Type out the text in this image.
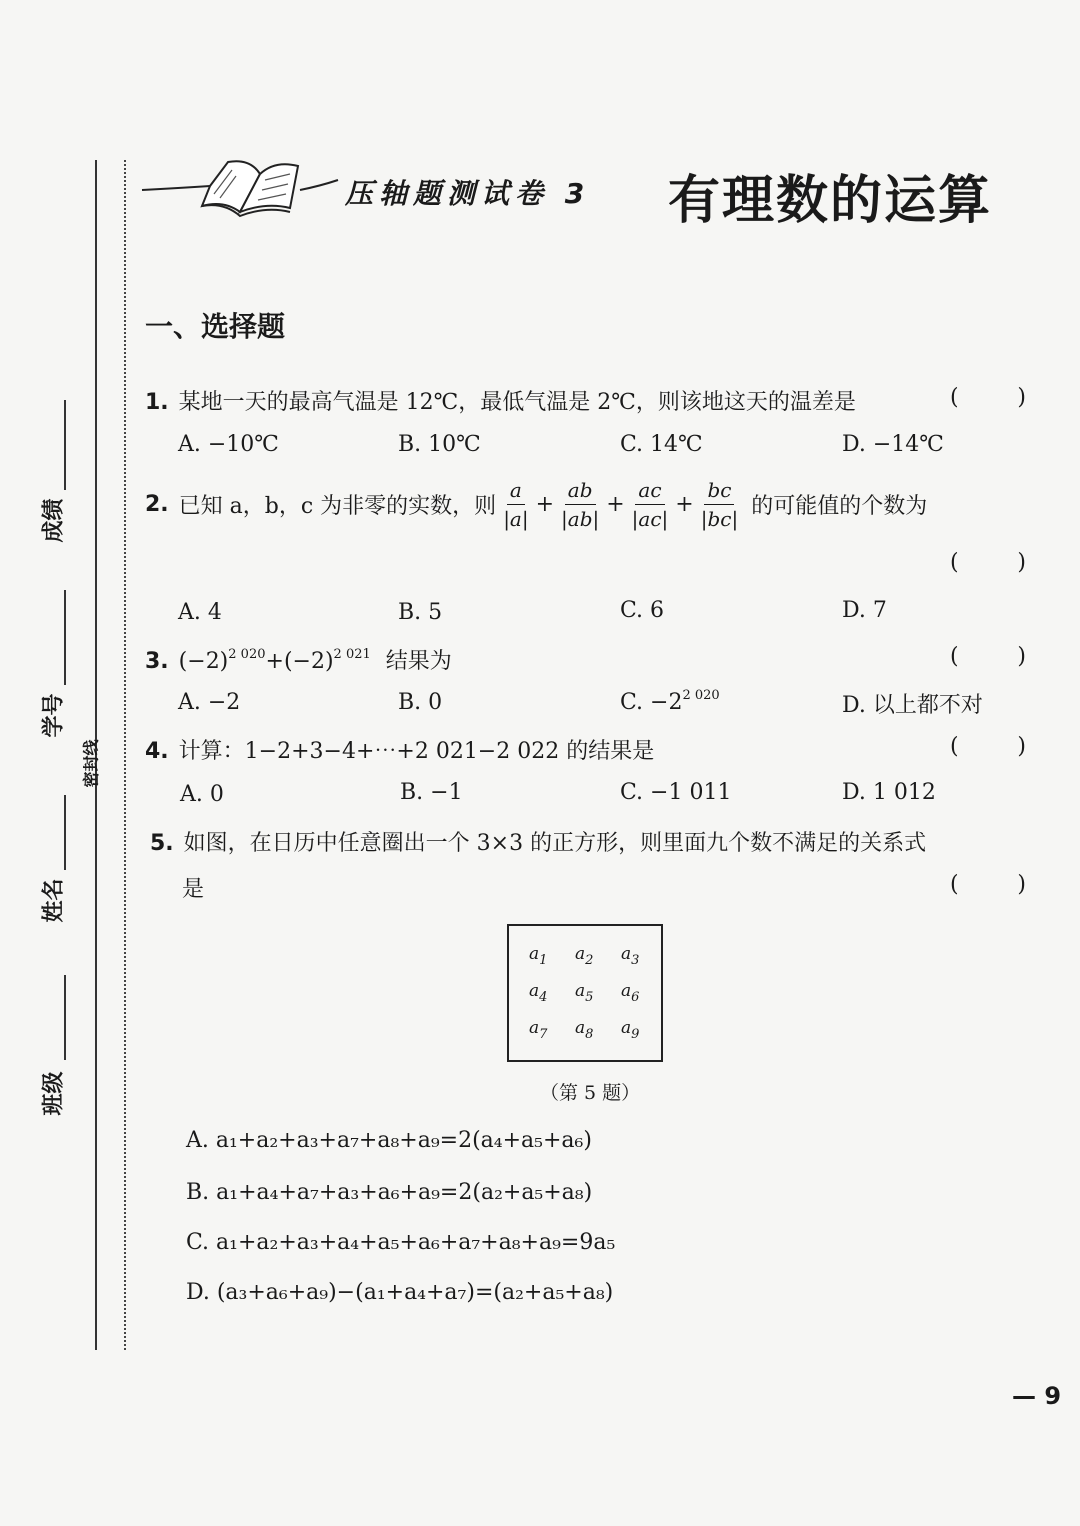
成绩
学号
密封线
姓名
班级
压轴题测试卷 3 有理数的运算
一、选择题
1. 某地一天的最高气温是 12℃，最低气温是 2℃，则该地这天的温差是	(	)
A. −10℃	B. 10℃	C. 14℃	D. −14℃
2. 已知 a，b，c 为非零的实数，则 $\frac{a}{|a|} + \frac{ab}{|ab|} + \frac{ac}{|ac|} + \frac{bc}{|bc|}$ 的可能值的个数为
(	)
A. 4	B. 5	C. 6	D. 7
3. $(-2)^{2 020}+(-2)^{2 021}$ 结果为	(	)
A. −2	B. 0	C. $-2^{2 020}$	D. 以上都不对
4. 计算：1−2+3−4+⋯+2 021−2 022 的结果是	(	)
A. 0	B. −1	C. −1 011	D. 1 012
5. 如图，在日历中任意圈出一个 3×3 的正方形，则里面九个数不满足的关系式
是	(	)
$a_1$ $a_2$ $a_3$
$a_4$ $a_5$ $a_6$
$a_7$ $a_8$ $a_9$
（第 5 题）
A. a₁+a₂+a₃+a₇+a₈+a₉=2(a₄+a₅+a₆)
B. a₁+a₄+a₇+a₃+a₆+a₉=2(a₂+a₅+a₈)
C. a₁+a₂+a₃+a₄+a₅+a₆+a₇+a₈+a₉=9a₅
D. (a₃+a₆+a₉)−(a₁+a₄+a₇)=(a₂+a₅+a₈)
— 9
